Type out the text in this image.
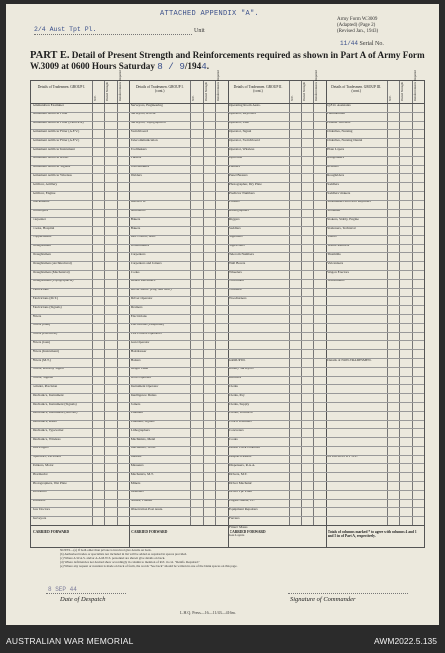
ATTACHED APPENDIX "A".
2/4 Aust Tpt Pl.	Unit
Army Form W.3009
(Adapted) (Page 2)
(Revised Jan., 1943)
11/44 Serial No.
PART E. Detail of Present Strength and Reinforcements required as shown in Part A of Army Form W.3009 at 0600 Hours Saturday 8 / 9/1944.
Details of Tradesmen. GROUP I.
W.E.	Posted Strength	Reinforcements Required
Ammunition Examiner
Armament Artificer Fitter
Armament Artificer Fitter (Electrical)
Armament Artificer Fitter (A.F.V.)
Armament Artificer Fitter (A.F.V.)
Armament Artificer Instrument
Armament Artificer Radio
Armament Artificer Signals
Armament Artificer Wireless
Artificer, Artillery
Artificer, Engine
Blacksmiths
Bricklayers
Carpenter
Cooks, Hospital
Coppersmiths
Draughtsmen
Draughtsmen
Draughtsmen (Architectural)
Draughtsmen (Mechanical)
Draughtsmen (Topographical)
Electricians
Electricians (M.T.)
Electricians (Signals)
Fitters
Fitters (Gun)
Fitters (Electrical)
Fitters (Gun)
Fitters (Instrument)
Fitters (M.T.)
Fitters, Railway Signal
Fitters, Signals
Grinder, Precision
Mechanics, Instrument
Mechanics, Instrument (Signals)
Mechanics, Instrument (Aircraft)
Mechanics, Radio
Mechanics, Typewriter
Mechanics, Wireless
Millwrights
Operators, Excavator
Painters, Motor
Pharmacist
Photographers, Wet Plate
Photolitho
Plumbers
Saw Doctors
Surveyors
CARRIED FORWARD
Details of Tradesmen. GROUP I. (cont.)
W.E.	Posted Strength	Reinforcements Required
Surveyors, Engineering
Surveyors, R.A.A.
Surveyors, Topographical
Switchboard
Telecommunication
Toolmakers
Turners
Watchmakers
Welders
GROUP II.
Armourers
Bakers
Bakers
Bkr. Comd'r, Asst.
Boilermakers
Carpenters
Carpenters and Joiners
Cooks
Dental Mechanics
Driver Mech. (Eng. and Mot.)
Driver Operator
Drainers
Electricians
Electricians (Telephone)
Fire Control Operators
Gun Operator
Hairdresser
Hatters
Height Taker
Hollo Operator
Instrument Operator
Intelligence Duties
Joiners
Linemen
Linemen, Signals
Lithographers
Machinists, Metal
Machinists, Wood
Masons
Masseurs
Mechanics, M.T.
Miners
Moulders
Nurses, Trained
Observation Post Assts.
CARRIED FORWARD
Details of Tradesmen. GROUP II. (cont.)
W.E.	Posted Strength	Reinforcements Required
Operating Room Assts.
Operator, Keyboard
Operator, Line
Operator, Signal
Operator, Switchboard
Operator, Wireless
Opticians
Painters
Panel Beaters
Photographer, Dry Plate
Predictor Numbers
Printers
Radiographers
Riggers
Saddlers
Signallers
Signwriters
Telecom Numbers
Wall Borers
Wheelers
Winchmen
Wiremen
Woodturners
GROUP III.
Battery Surveyors
Butchers
Clerks
Clerks, Pay
Clerks, Supply
Clerks, Technical
Coach Trimmers
Concreters
Cooks
Dental Clerk Orderlies
Despatch Riders
Dispensers, R.A.A.
Drivers, M.T.
Driver Mechanic
Driver Tpt. Plant
Engine Hands, I.C.
Equipment Repairers
Farriers
Fitters' Mates
Gas Layers
CARRIED FORWARD
Details of Tradesmen. GROUP III. (cont.)
W.E.	Posted Strength	Reinforcements Required
Q.F.O. Assistants
Hammermen
Leather Stitchers
Orderlies, Nursing
Orderlies, Nursing Dental
Plate Layers
Rangetakers
Riveters
Roughriders
Saddlers
Saddlers' makers
Shoemakers and Boot Repairers
Storemen
Stokers, Stably, Engine
Stationers, Technical
Tailors
Textile Refitters
Tinsmiths
Vulcanisers
Wagon Erectors
Whitesmiths
Details of NON-TRADESMEN.
ATTACHED BY W.E.
Totals of columns marked * to agree with columns 4 and 1 and 5 in of Part A, respectively.
NOTES—(a) If both other than private is involved give details on back.
(b) Authorised trades or specialists not included in list will be added as required in spaces provided.
(c) Where A.W.A.S. and/or A.A.M.W.S. personnel are shown give details on back.
(d) Where deficiencies not desired show accordingly in column to mention of R.E. in col. "Reinfs. Required."
(e) Where any request or notation is made on back of form, the words "See back" should be written in one of the blank spaces on this page.
8 SEP 44
Date of Despatch	Signature of Commander
L.H.Q. Press—16—11/43—416m.
AUSTRALIAN WAR MEMORIAL	AWM2022.5.135
